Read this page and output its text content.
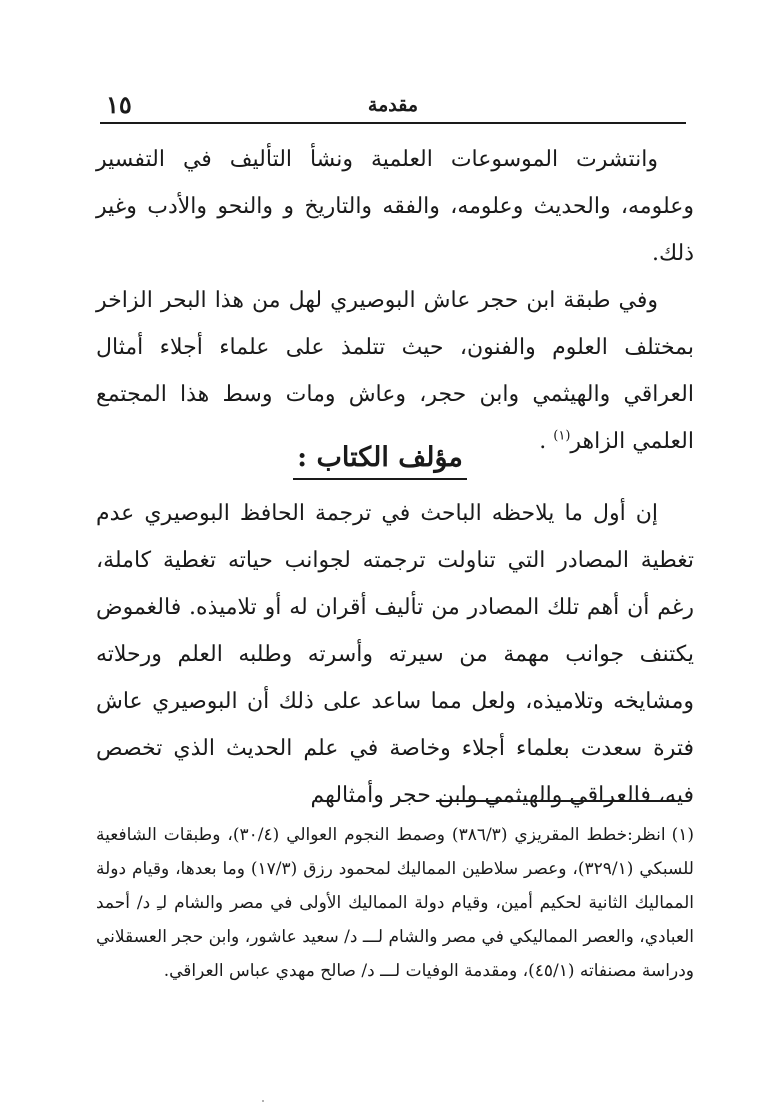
مقدمة
١٥

وانتشرت الموسوعات العلمية ونشأ التأليف في التفسير وعلومه، والحديث وعلومه، والفقه والتاريخ و والنحو والأدب وغير ذلك.

وفي طبقة ابن حجر عاش البوصيري لهل من هذا البحر الزاخر بمختلف العلوم والفنون، حيث تتلمذ على علماء أجلاء أمثال العراقي والهيثمي وابن حجر، وعاش ومات وسط هذا المجتمع العلمي الزاهر$^{(١)}$ .

مؤلف الكتاب :

إن أول ما يلاحظه الباحث في ترجمة الحافظ البوصيري عدم تغطية المصادر التي تناولت ترجمته لجوانب حياته تغطية كاملة، رغم أن أهم تلك المصادر من تأليف أقران له أو تلاميذه. فالغموض يكتنف جوانب مهمة من سيرته وأسرته وطلبه العلم ورحلاته ومشايخه وتلاميذه، ولعل مما ساعد على ذلك أن البوصيري عاش فترة سعدت بعلماء أجلاء وخاصة في علم الحديث الذي تخصص فيه، فالعراقي والهيثمي وابن حجر وأمثالهم

(١)انظر:خطط المقريزي (٣٨٦/٣) وصمط النجوم العوالي (٣٠/٤)، وطبقات الشافعية للسبكي (٣٢٩/١)، وعصر سلاطين المماليك لمحمود رزق (١٧/٣) وما بعدها، وقيام دولة المماليك الثانية لحكيم أمين، وقيام دولة المماليك الأولى في مصر والشام لـِ د/ أحمد العبادي، والعصر المماليكي في مصر والشام لـــ د/ سعيد عاشور، وابن حجر العسقلاني ودراسة مصنفاته (٤٥/١)، ومقدمة الوفيات لـــ د/ صالح مهدي عباس العراقي.
